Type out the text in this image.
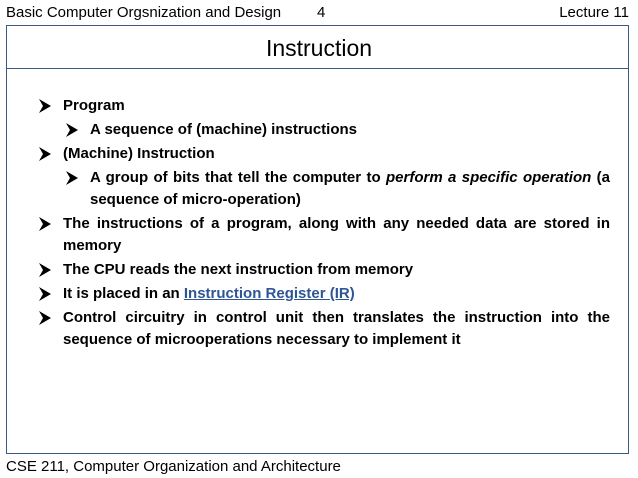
Basic Computer Orgsnization and Design 4	Lecture 11
Instruction
Program
A sequence of (machine) instructions
(Machine) Instruction
A group of bits that tell the computer to perform a specific operation (a sequence of micro-operation)
The instructions of a program, along with any needed data are stored in memory
The CPU reads the next instruction from memory
It is placed in an Instruction Register (IR)
Control circuitry in control unit then translates the instruction into the sequence of microoperations necessary to implement it
CSE 211, Computer Organization and Architecture
